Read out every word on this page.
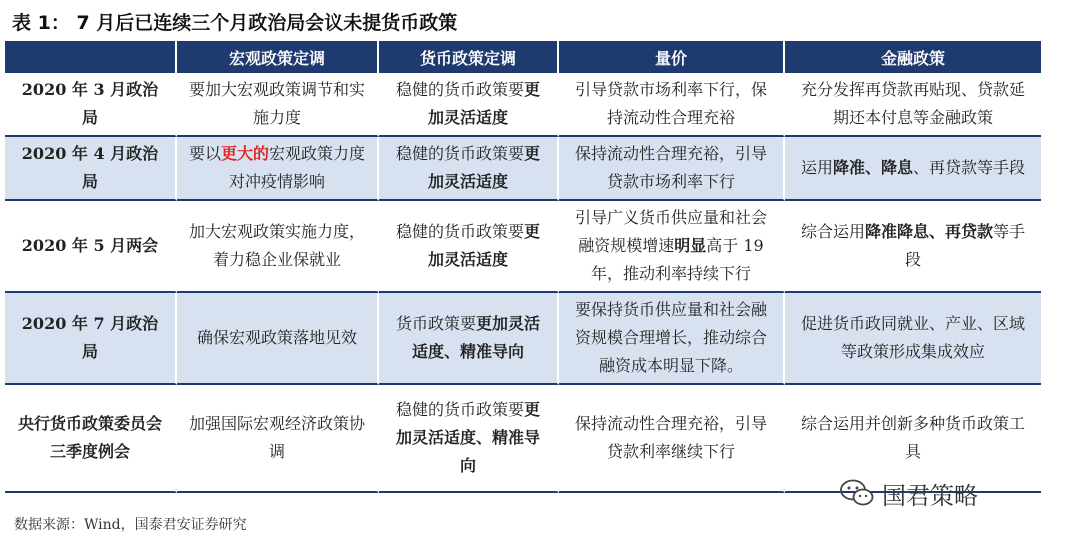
表 1： 7 月后已连续三个月政治局会议未提货币政策
	宏观政策定调	货币政策定调	量价	金融政策
2020 年 3 月政治局	要加大宏观政策调节和实施力度	稳健的货币政策要更加灵活适度	引导贷款市场利率下行，保持流动性合理充裕	充分发挥再贷款再贴现、贷款延期还本付息等金融政策
2020 年 4 月政治局	要以更大的宏观政策力度对冲疫情影响	稳健的货币政策要更加灵活适度	保持流动性合理充裕，引导贷款市场利率下行	运用降准、降息、再贷款等手段
2020 年 5 月两会	加大宏观政策实施力度，着力稳企业保就业	稳健的货币政策要更加灵活适度	引导广义货币供应量和社会融资规模增速明显高于 19 年，推动利率持续下行	综合运用降准降息、再贷款等手段
2020 年 7 月政治局	确保宏观政策落地见效	货币政策要更加灵活适度、精准导向	要保持货币供应量和社会融资规模合理增长，推动综合融资成本明显下降。	促进货币政同就业、产业、区域等政策形成集成效应
央行货币政策委员会三季度例会	加强国际宏观经济政策协调	稳健的货币政策要更加灵活适度、精准导向	保持流动性合理充裕，引导贷款利率继续下行	综合运用并创新多种货币政策工具
数据来源：Wind，国泰君安证券研究
国君策略
